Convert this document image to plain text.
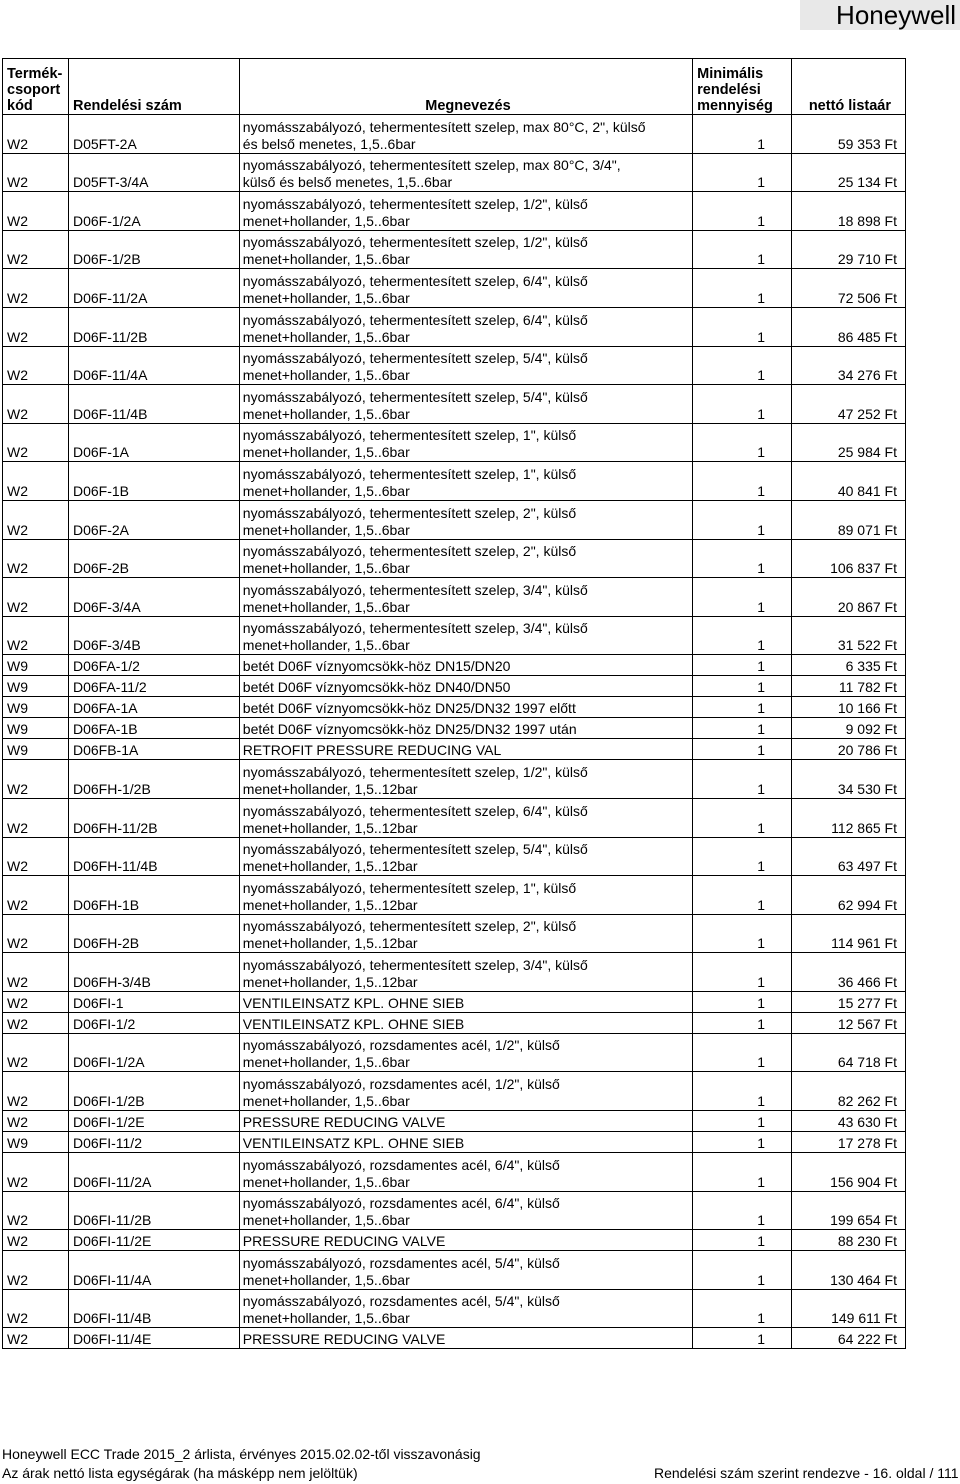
Honeywell
Termék-
csoport
kód	Rendelési szám	Megnevezés	Minimális
rendelési
mennyiség	nettó listaár
W2	D05FT-2A	nyomásszabályozó, tehermentesített szelep, max 80°C, 2", külső
és belső menetes, 1,5..6bar	1	59 353 Ft
W2	D05FT-3/4A	nyomásszabályozó, tehermentesített szelep, max 80°C, 3/4",
külső és belső menetes, 1,5..6bar	1	25 134 Ft
W2	D06F-1/2A	nyomásszabályozó, tehermentesített szelep, 1/2", külső
menet+hollander, 1,5..6bar	1	18 898 Ft
W2	D06F-1/2B	nyomásszabályozó, tehermentesített szelep, 1/2", külső
menet+hollander, 1,5..6bar	1	29 710 Ft
W2	D06F-11/2A	nyomásszabályozó, tehermentesített szelep, 6/4", külső
menet+hollander, 1,5..6bar	1	72 506 Ft
W2	D06F-11/2B	nyomásszabályozó, tehermentesített szelep, 6/4", külső
menet+hollander, 1,5..6bar	1	86 485 Ft
W2	D06F-11/4A	nyomásszabályozó, tehermentesített szelep, 5/4", külső
menet+hollander, 1,5..6bar	1	34 276 Ft
W2	D06F-11/4B	nyomásszabályozó, tehermentesített szelep, 5/4", külső
menet+hollander, 1,5..6bar	1	47 252 Ft
W2	D06F-1A	nyomásszabályozó, tehermentesített szelep, 1", külső
menet+hollander, 1,5..6bar	1	25 984 Ft
W2	D06F-1B	nyomásszabályozó, tehermentesített szelep, 1", külső
menet+hollander, 1,5..6bar	1	40 841 Ft
W2	D06F-2A	nyomásszabályozó, tehermentesített szelep, 2", külső
menet+hollander, 1,5..6bar	1	89 071 Ft
W2	D06F-2B	nyomásszabályozó, tehermentesített szelep, 2", külső
menet+hollander, 1,5..6bar	1	106 837 Ft
W2	D06F-3/4A	nyomásszabályozó, tehermentesített szelep, 3/4", külső
menet+hollander, 1,5..6bar	1	20 867 Ft
W2	D06F-3/4B	nyomásszabályozó, tehermentesített szelep, 3/4", külső
menet+hollander, 1,5..6bar	1	31 522 Ft
W9	D06FA-1/2	betét D06F víznyomcsökk-höz DN15/DN20	1	6 335 Ft
W9	D06FA-11/2	betét D06F víznyomcsökk-höz DN40/DN50	1	11 782 Ft
W9	D06FA-1A	betét D06F víznyomcsökk-höz DN25/DN32 1997 előtt	1	10 166 Ft
W9	D06FA-1B	betét D06F víznyomcsökk-höz DN25/DN32 1997 után	1	9 092 Ft
W9	D06FB-1A	RETROFIT PRESSURE REDUCING VAL	1	20 786 Ft
W2	D06FH-1/2B	nyomásszabályozó, tehermentesített szelep, 1/2", külső
menet+hollander, 1,5..12bar	1	34 530 Ft
W2	D06FH-11/2B	nyomásszabályozó, tehermentesített szelep, 6/4", külső
menet+hollander, 1,5..12bar	1	112 865 Ft
W2	D06FH-11/4B	nyomásszabályozó, tehermentesített szelep, 5/4", külső
menet+hollander, 1,5..12bar	1	63 497 Ft
W2	D06FH-1B	nyomásszabályozó, tehermentesített szelep, 1", külső
menet+hollander, 1,5..12bar	1	62 994 Ft
W2	D06FH-2B	nyomásszabályozó, tehermentesített szelep, 2", külső
menet+hollander, 1,5..12bar	1	114 961 Ft
W2	D06FH-3/4B	nyomásszabályozó, tehermentesített szelep, 3/4", külső
menet+hollander, 1,5..12bar	1	36 466 Ft
W2	D06FI-1	VENTILEINSATZ KPL. OHNE SIEB	1	15 277 Ft
W2	D06FI-1/2	VENTILEINSATZ KPL. OHNE SIEB	1	12 567 Ft
W2	D06FI-1/2A	nyomásszabályozó, rozsdamentes acél, 1/2", külső
menet+hollander, 1,5..6bar	1	64 718 Ft
W2	D06FI-1/2B	nyomásszabályozó, rozsdamentes acél, 1/2", külső
menet+hollander, 1,5..6bar	1	82 262 Ft
W2	D06FI-1/2E	PRESSURE REDUCING VALVE	1	43 630 Ft
W9	D06FI-11/2	VENTILEINSATZ KPL. OHNE SIEB	1	17 278 Ft
W2	D06FI-11/2A	nyomásszabályozó, rozsdamentes acél, 6/4", külső
menet+hollander, 1,5..6bar	1	156 904 Ft
W2	D06FI-11/2B	nyomásszabályozó, rozsdamentes acél, 6/4", külső
menet+hollander, 1,5..6bar	1	199 654 Ft
W2	D06FI-11/2E	PRESSURE REDUCING VALVE	1	88 230 Ft
W2	D06FI-11/4A	nyomásszabályozó, rozsdamentes acél, 5/4", külső
menet+hollander, 1,5..6bar	1	130 464 Ft
W2	D06FI-11/4B	nyomásszabályozó, rozsdamentes acél, 5/4", külső
menet+hollander, 1,5..6bar	1	149 611 Ft
W2	D06FI-11/4E	PRESSURE REDUCING VALVE	1	64 222 Ft
Honeywell ECC Trade 2015_2 árlista, érvényes 2015.02.02-től visszavonásig
Az árak nettó lista egységárak (ha másképp nem jelöltük)	Rendelési szám szerint rendezve - 16. oldal / 111
